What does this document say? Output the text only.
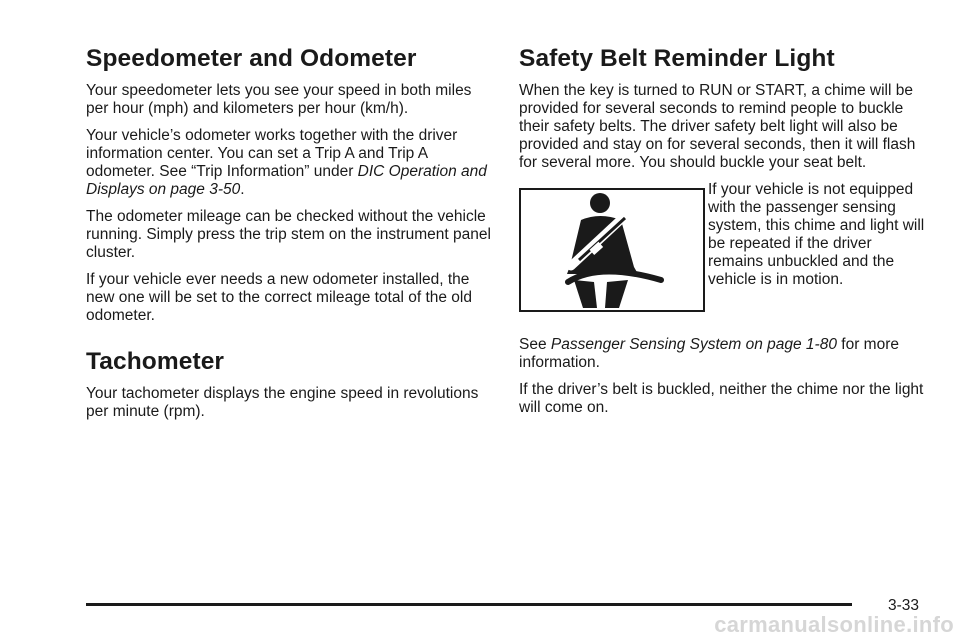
Speedometer and Odometer

Your speedometer lets you see your speed in both miles per hour (mph) and kilometers per hour (km/h).

Your vehicle’s odometer works together with the driver information center. You can set a Trip A and Trip A odometer. See “Trip Information” under DIC Operation and Displays on page 3-50.

The odometer mileage can be checked without the vehicle running. Simply press the trip stem on the instrument panel cluster.

If your vehicle ever needs a new odometer installed, the new one will be set to the correct mileage total of the old odometer.

Tachometer

Your tachometer displays the engine speed in revolutions per minute (rpm).

Safety Belt Reminder Light

When the key is turned to RUN or START, a chime will be provided for several seconds to remind people to buckle their safety belts. The driver safety belt light will also be provided and stay on for several seconds, then it will flash for several more. You should buckle your seat belt.

If your vehicle is not equipped with the passenger sensing system, this chime and light will be repeated if the driver remains unbuckled and the vehicle is in motion.

See Passenger Sensing System on page 1-80 for more information.

If the driver’s belt is buckled, neither the chime nor the light will come on.

3-33
carmanualsonline.info
